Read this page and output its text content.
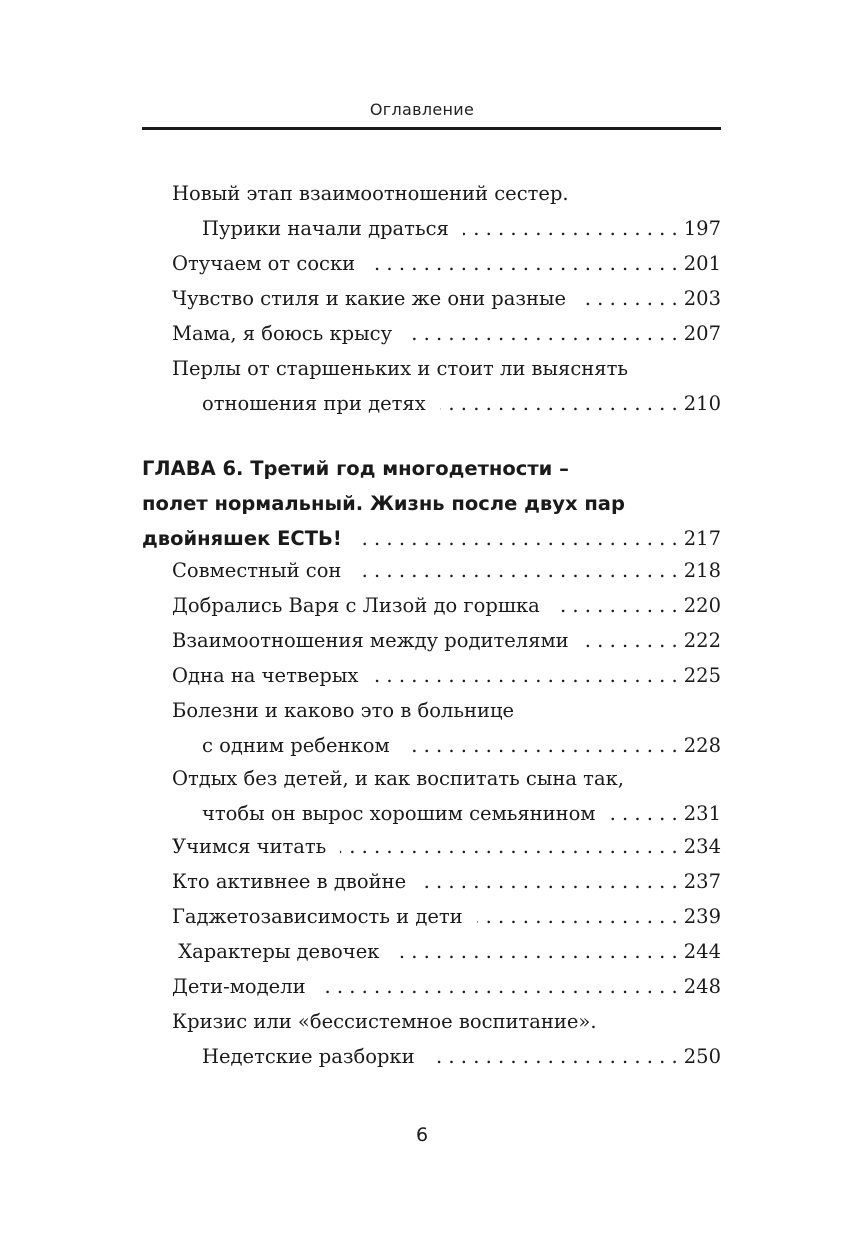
Оглавление
Новый этап взаимоотношений сестер.
Пурики начали драться . . .	197
Отучаем от соски . . .	201
Чувство стиля и какие же они разные . . .	203
Мама, я боюсь крысу . . .	207
Перлы от старшеньких и стоит ли выяснять
отношения при детях . . .	210
ГЛАВА 6. Третий год многодетности –
полет нормальный. Жизнь после двух пар
двойняшек ЕСТЬ! . . .	217
Совместный сон . . .	218
Добрались Варя с Лизой до горшка . . .	220
Взаимоотношения между родителями . . .	222
Одна на четверых . . .	225
Болезни и каково это в больнице
с одним ребенком . . .	228
Отдых без детей, и как воспитать сына так,
чтобы он вырос хорошим семьянином . . .	231
Учимся читать . . .	234
Кто активнее в двойне . . .	237
Гаджетозависимость и дети . . .	239
Характеры девочек . . .	244
Дети-модели . . .	248
Кризис или «бессистемное воспитание».
Недетские разборки . . .	250
6
